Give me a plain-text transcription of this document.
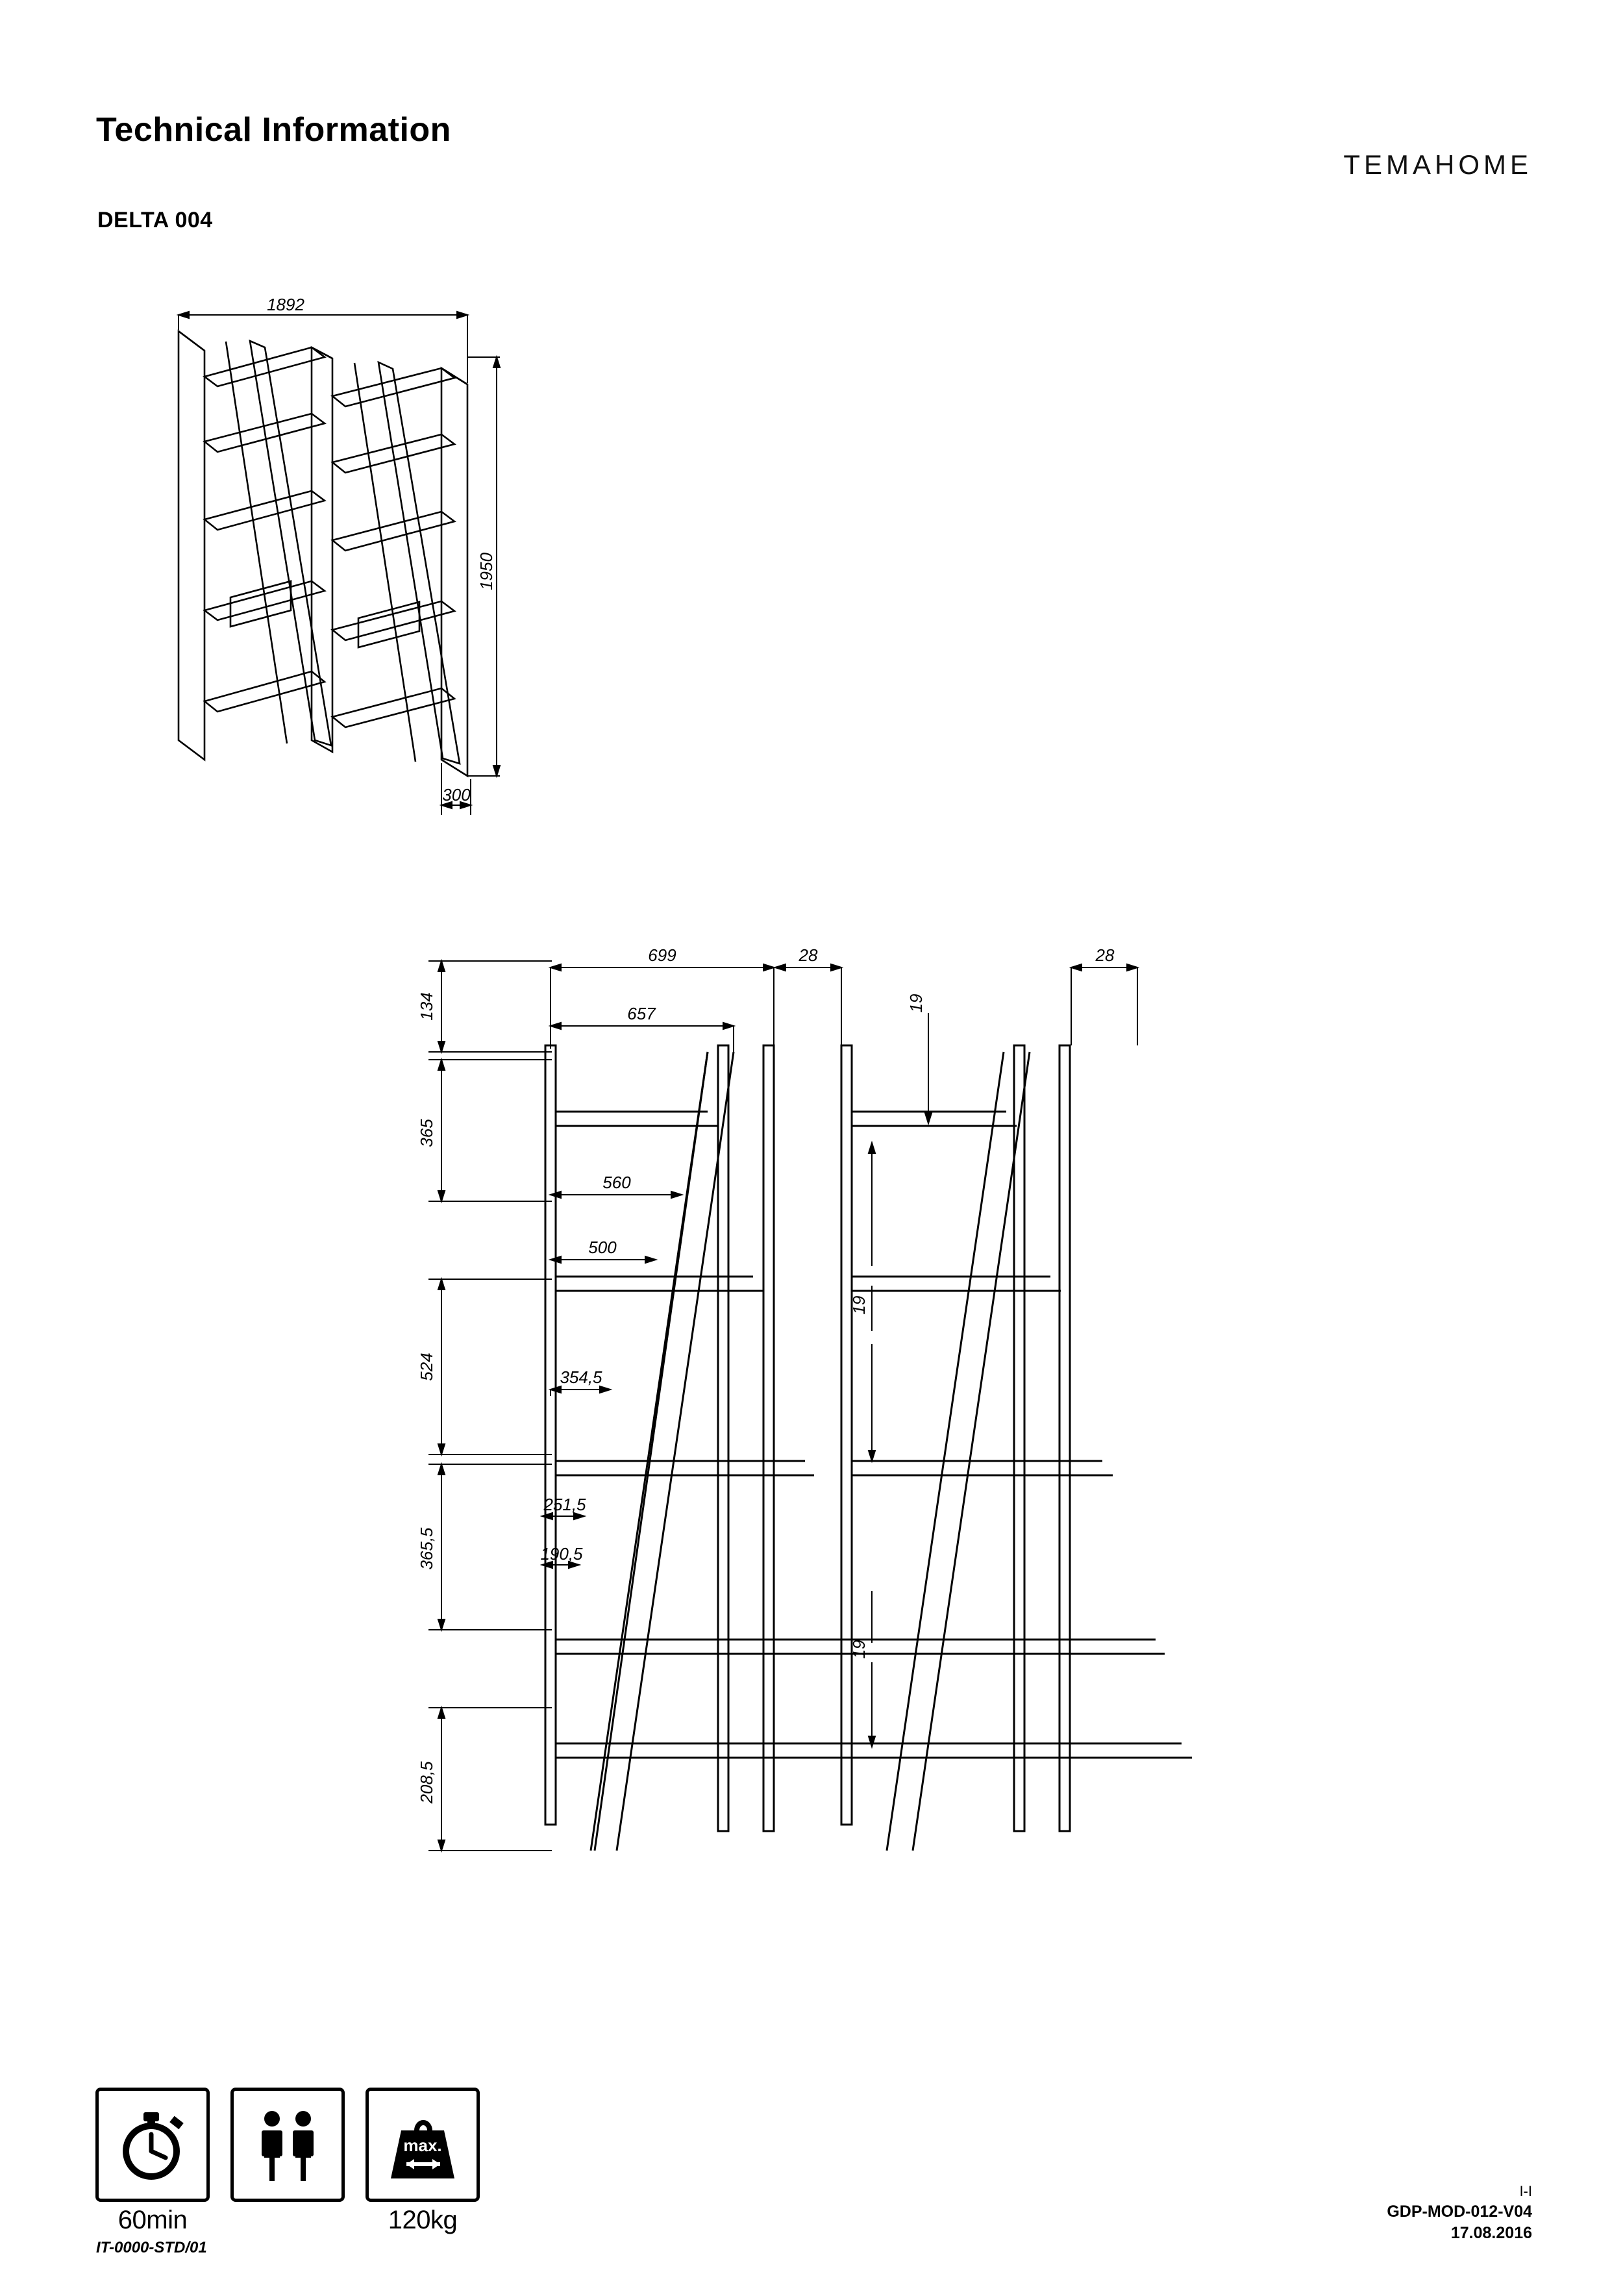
Technical Information
DELTA 004
TEMAHOME
1892
1950
300
134
365
524
365,5
208,5
699
657
560
500
354,5
251,5
190,5
28	28
19
19
19
60min
max.
120kg
IT-0000-STD/01
I-I
GDP-MOD-012-V04
17.08.2016
